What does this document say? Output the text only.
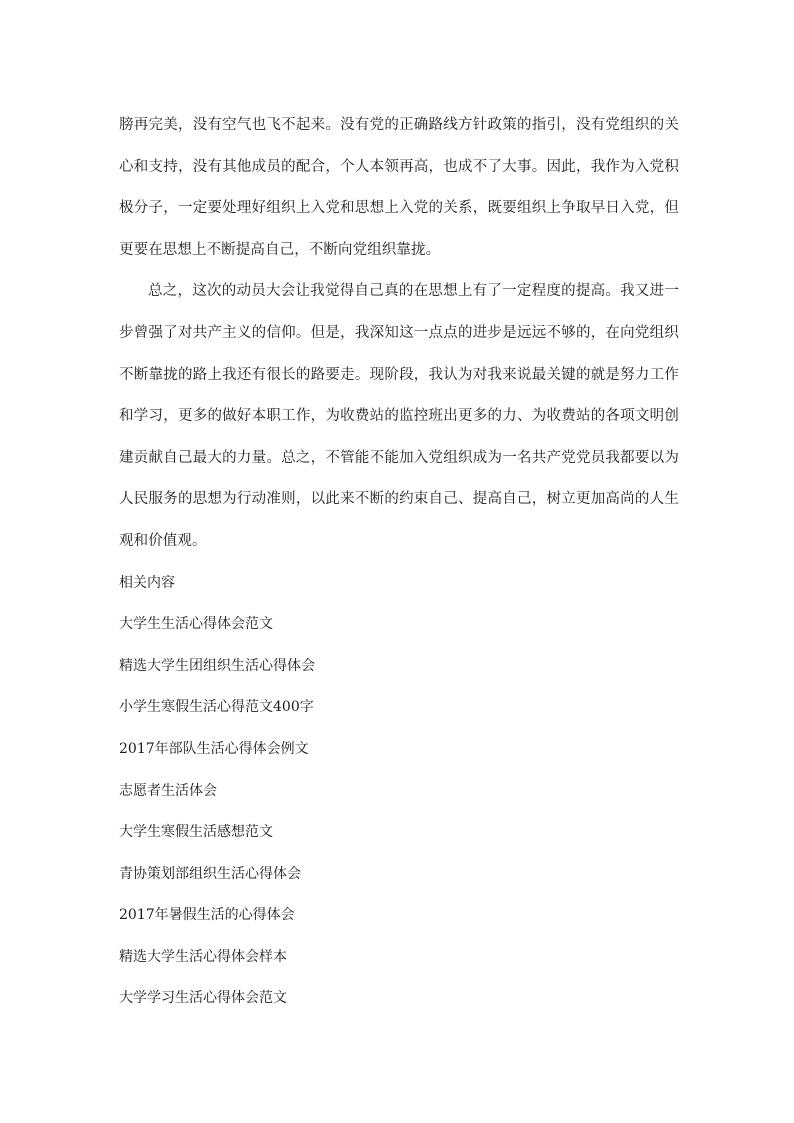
膀再完美，没有空气也飞不起来。没有党的正确路线方针政策的指引，没有党组织的关心和支持，没有其他成员的配合，个人本领再高，也成不了大事。因此，我作为入党积极分子，一定要处理好组织上入党和思想上入党的关系，既要组织上争取早日入党，但更要在思想上不断提高自己，不断向党组织靠拢。

总之，这次的动员大会让我觉得自己真的在思想上有了一定程度的提高。我又进一步曾强了对共产主义的信仰。但是，我深知这一点点的进步是远远不够的，在向党组织不断靠拢的路上我还有很长的路要走。现阶段，我认为对我来说最关键的就是努力工作和学习，更多的做好本职工作，为收费站的监控班出更多的力、为收费站的各项文明创建贡献自己最大的力量。总之，不管能不能加入党组织成为一名共产党党员我都要以为人民服务的思想为行动准则，以此来不断的约束自己、提高自己，树立更加高尚的人生观和价值观。

相关内容

大学生生活心得体会范文
精选大学生团组织生活心得体会
小学生寒假生活心得范文400字
2017年部队生活心得体会例文
志愿者生活体会
大学生寒假生活感想范文
青协策划部组织生活心得体会
2017年暑假生活的心得体会
精选大学生活心得体会样本
大学学习生活心得体会范文
